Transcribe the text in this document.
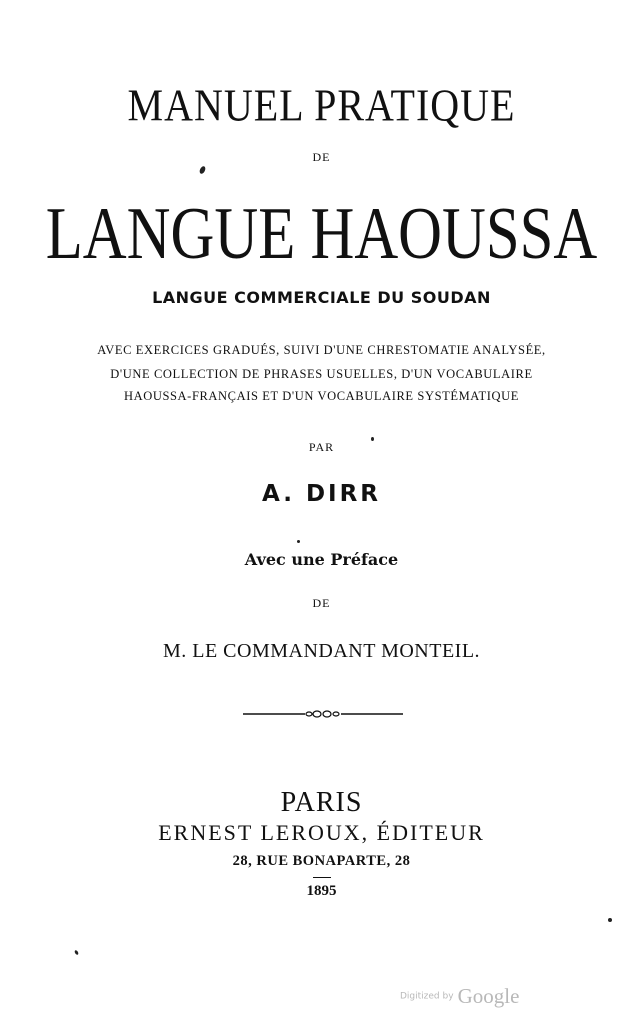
MANUEL PRATIQUE
DE
LANGUE HAOUSSA
LANGUE COMMERCIALE DU SOUDAN
AVEC EXERCICES GRADUÉS, SUIVI D'UNE CHRESTOMATIE ANALYSÉE,
D'UNE COLLECTION DE PHRASES USUELLES, D'UN VOCABULAIRE
HAOUSSA-FRANÇAIS ET D'UN VOCABULAIRE SYSTÉMATIQUE
PAR
A. DIRR
Avec une Préface
DE
M. LE COMMANDANT MONTEIL.
PARIS
ERNEST LEROUX, ÉDITEUR
28, RUE BONAPARTE, 28
1895
Digitized by Google
